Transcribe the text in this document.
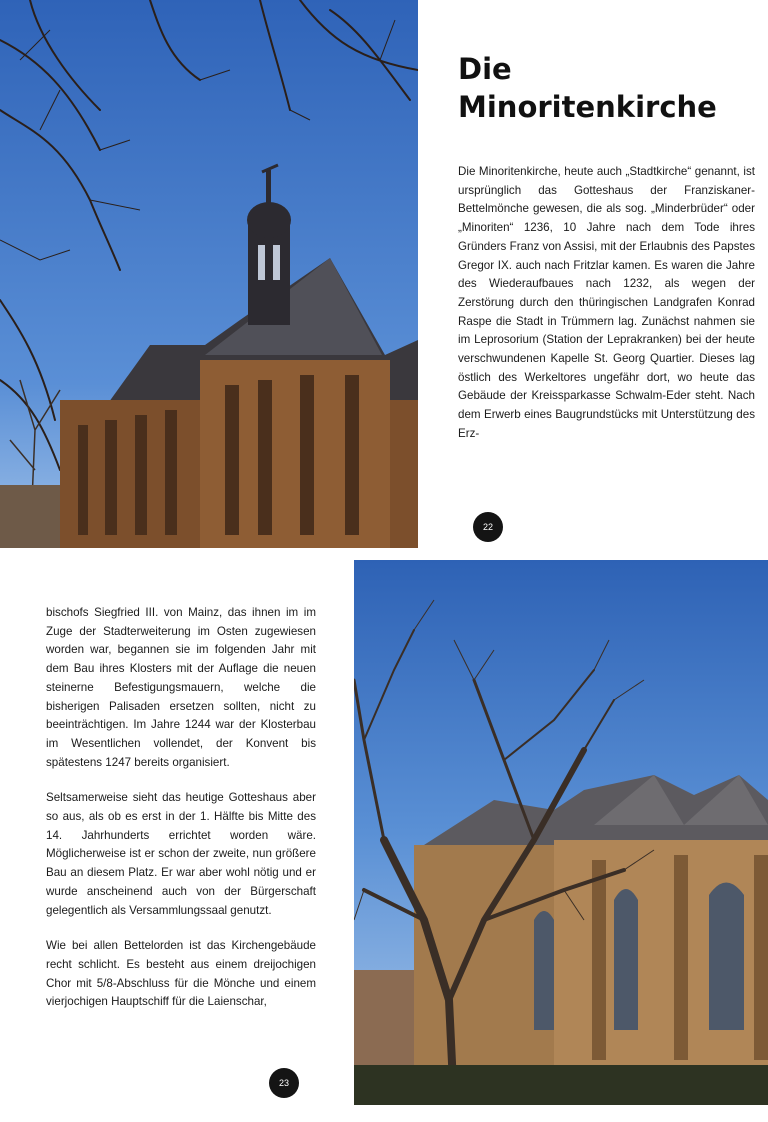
Die
Minoritenkirche

Die Minoritenkirche, heute auch „Stadtkirche“ genannt, ist ursprünglich das Gotteshaus der Franziskaner-Bettelmönche gewesen, die als sog. „Minderbrüder“ oder „Minoriten“ 1236, 10 Jahre nach dem Tode ihres Gründers Franz von Assisi, mit der Erlaubnis des Papstes Gregor IX. auch nach Fritzlar kamen. Es waren die Jahre des Wiederaufbaues nach 1232, als wegen der Zerstörung durch den thüringischen Landgrafen Konrad Raspe die Stadt in Trümmern lag. Zunächst nahmen sie im Leprosorium (Station der Leprakranken) bei der heute verschwundenen Kapelle St. Georg Quartier. Dieses lag östlich des Werkeltores ungefähr dort, wo heute das Gebäude der Kreissparkasse Schwalm-Eder steht. Nach dem Erwerb eines Baugrundstücks mit Unterstützung des Erz-

22

bischofs Siegfried III. von Mainz, das ihnen im im Zuge der Stadterweiterung im Osten zugewiesen worden war, begannen sie im folgenden Jahr mit dem Bau ihres Klosters mit der Auflage die neuen steinerne Befestigungsmauern, welche die bisherigen Palisaden ersetzen sollten, nicht zu beeinträchtigen. Im Jahre 1244 war der Klosterbau im Wesentlichen vollendet, der Konvent bis spätestens 1247 bereits organisiert.

Seltsamerweise sieht das heutige Gotteshaus aber so aus, als ob es erst in der 1. Hälfte bis Mitte des 14. Jahrhunderts errichtet worden wäre. Möglicherweise ist er schon der zweite, nun größere Bau an diesem Platz. Er war aber wohl nötig und er wurde anscheinend auch von der Bürgerschaft gelegentlich als Versammlungssaal genutzt.

Wie bei allen Bettelorden ist das Kirchengebäude recht schlicht. Es besteht aus einem dreijochigen Chor mit 5/8-Abschluss für die Mönche und einem vierjochigen Hauptschiff für die Laienschar,

23
